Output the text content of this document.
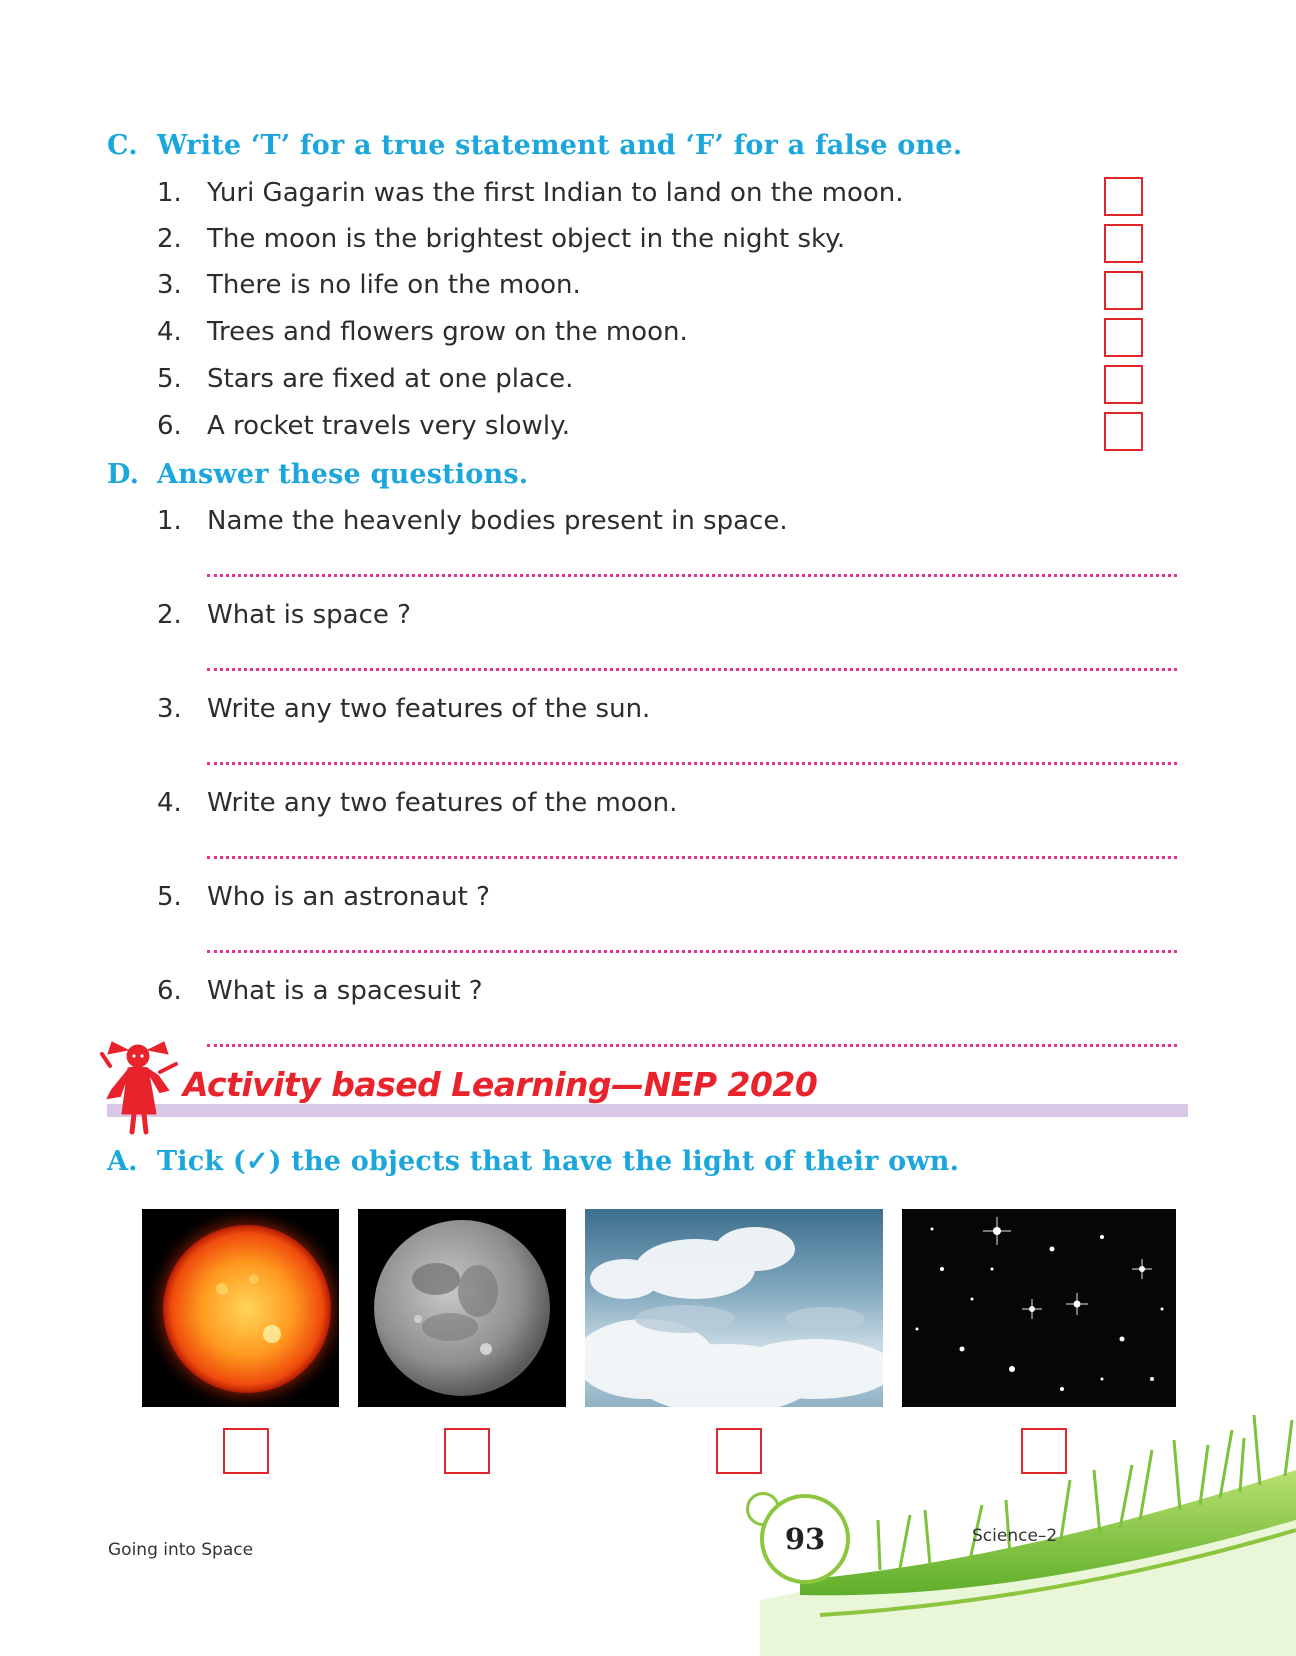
C. Write ‘T’ for a true statement and ‘F’ for a false one.
1. Yuri Gagarin was the first Indian to land on the moon.
2. The moon is the brightest object in the night sky.
3. There is no life on the moon.
4. Trees and flowers grow on the moon.
5. Stars are fixed at one place.
6. A rocket travels very slowly.
D. Answer these questions.
1. Name the heavenly bodies present in space.
2. What is space ?
3. Write any two features of the sun.
4. Write any two features of the moon.
5. Who is an astronaut ?
6. What is a spacesuit ?
Activity based Learning—NEP 2020
A. Tick (✓) the objects that have the light of their own.
93
Going into Space
Science–2
